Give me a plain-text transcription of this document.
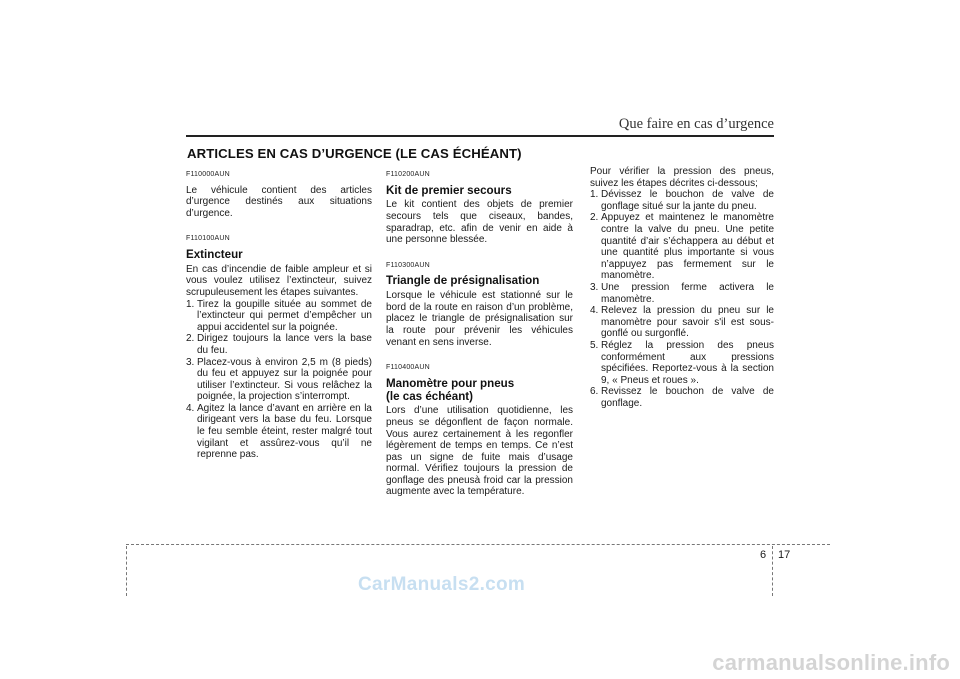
Que faire en cas d’urgence
ARTICLES EN CAS D’URGENCE (LE CAS ÉCHÉANT)
F110000AUN

Le véhicule contient des articles d’urgence destinés aux situations d’urgence.

F110100AUN
Extincteur

En cas d’incendie de faible ampleur et si vous voulez utilisez l’extincteur, suivez scrupuleusement les étapes suivantes.

1. Tirez la goupille située au sommet de l’extincteur qui permet d’empêcher un appui accidentel sur la poignée.
2. Dirigez toujours la lance vers la base du feu.
3. Placez-vous à environ 2,5 m (8 pieds) du feu et appuyez sur la poignée pour utiliser l’extincteur. Si vous relâchez la poignée, la projection s’interrompt.
4. Agitez la lance d’avant en arrière en la dirigeant vers la base du feu. Lorsque le feu semble éteint, rester malgré tout vigilant et assûrez-vous qu’il ne reprenne pas.
F110200AUN
Kit de premier secours

Le kit contient des objets de premier secours tels que ciseaux, bandes, sparadrap, etc. afin de venir en aide à une personne blessée.

F110300AUN
Triangle de présignalisation

Lorsque le véhicule est stationné sur le bord de la route en raison d’un problème, placez le triangle de présignalisation sur la route pour prévenir les véhicules venant en sens inverse.

F110400AUN
Manomètre pour pneus
(le cas échéant)

Lors d’une utilisation quotidienne, les pneus se dégonflent de façon normale. Vous aurez certainement à les regonfler légèrement de temps en temps. Ce n’est pas un signe de fuite mais d’usage normal. Vérifiez toujours la pression de gonflage des pneusà froid car la pression augmente avec la température.

Pour vérifier la pression des pneus, suivez les étapes décrites ci-dessous;

1. Dévissez le bouchon de valve de gonflage situé sur la jante du pneu.
2. Appuyez et maintenez le manomètre contre la valve du pneu. Une petite quantité d’air s’échappera au début et une quantité plus importante si vous n’appuyez pas fermement sur le manomètre.
3. Une pression ferme activera le manomètre.
4. Relevez la pression du pneu sur le manomètre pour savoir s'il est sous-gonflé ou surgonflé.
5. Réglez la pression des pneus conformément aux pressions spécifiées. Reportez-vous à la section 9, « Pneus et roues ».
6. Revissez le bouchon de valve de gonflage.
6 17
CarManuals2.com
carmanualsonline.info
